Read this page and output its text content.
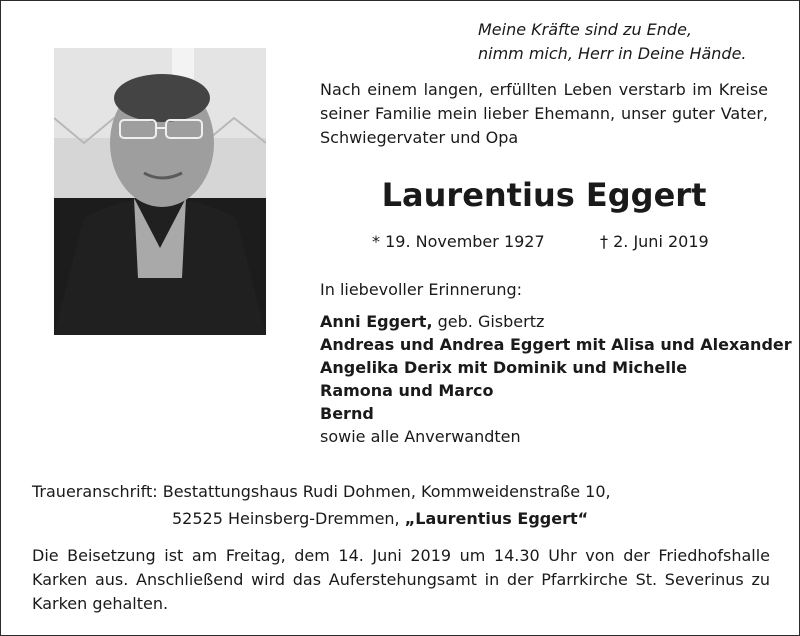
Meine Kräfte sind zu Ende,
nimm mich, Herr in Deine Hände.
Nach einem langen, erfüllten Leben verstarb im Kreise seiner Familie mein lieber Ehemann, unser guter Vater, Schwiegervater und Opa
Laurentius Eggert
* 19. November 1927	† 2. Juni 2019
In liebevoller Erinnerung:
Anni Eggert, geb. Gisbertz
Andreas und Andrea Eggert mit Alisa und Alexander
Angelika Derix mit Dominik und Michelle
Ramona und Marco
Bernd
sowie alle Anverwandten
Traueranschrift: Bestattungshaus Rudi Dohmen, Kommweidenstraße 10,
52525 Heinsberg-Dremmen, „Laurentius Eggert“
Die Beisetzung ist am Freitag, dem 14. Juni 2019 um 14.30 Uhr von der Friedhofshalle Karken aus. Anschließend wird das Auferstehungsamt in der Pfarrkirche St. Severinus zu Karken gehalten.
